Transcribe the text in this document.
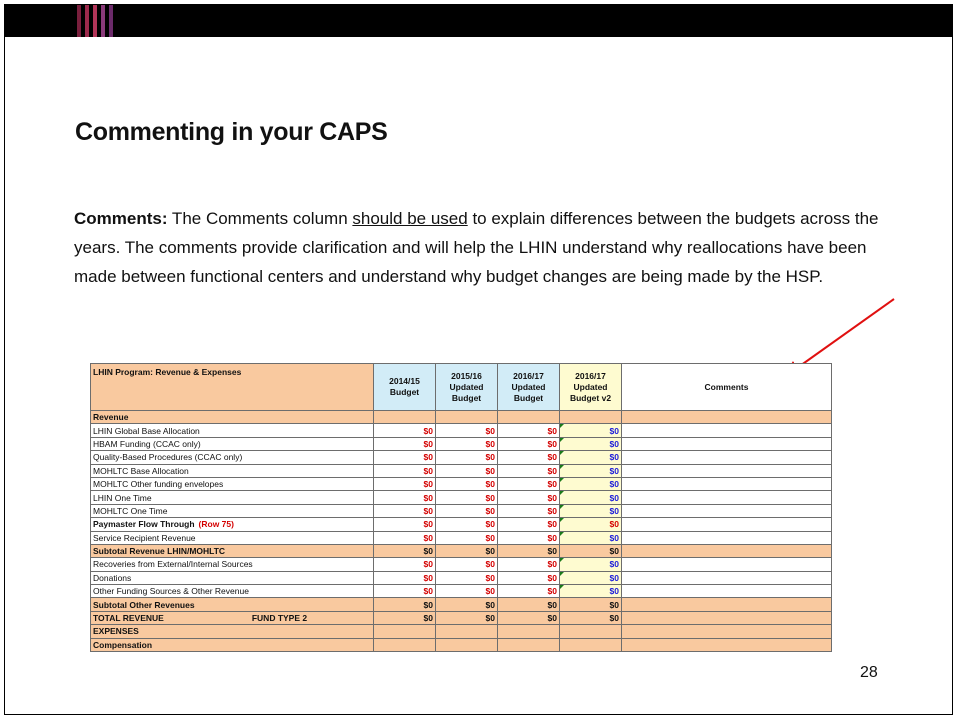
Commenting in your CAPS
Comments: The Comments column should be used to explain differences between the budgets across the years. The comments provide clarification and will help the LHIN understand why reallocations have been made between functional centers and understand why budget changes are being made by the HSP.
LHIN Program: Revenue & Expenses	2014/15 Budget	2015/16 Updated Budget	2016/17 Updated Budget	2016/17 Updated Budget v2	Comments
Revenue					
LHIN Global Base Allocation	$0	$0	$0	$0	
HBAM Funding (CCAC only)	$0	$0	$0	$0	
Quality-Based Procedures (CCAC only)	$0	$0	$0	$0	
MOHLTC Base Allocation	$0	$0	$0	$0	
MOHLTC Other funding envelopes	$0	$0	$0	$0	
LHIN One Time	$0	$0	$0	$0	
MOHLTC One Time	$0	$0	$0	$0	
Paymaster Flow Through (Row 75)	$0	$0	$0	$0	
Service Recipient Revenue	$0	$0	$0	$0	
Subtotal Revenue LHIN/MOHLTC	$0	$0	$0	$0	
Recoveries from External/Internal Sources	$0	$0	$0	$0	
Donations	$0	$0	$0	$0	
Other Funding Sources & Other Revenue	$0	$0	$0	$0	
Subtotal Other Revenues	$0	$0	$0	$0	
TOTAL REVENUE FUND TYPE 2	$0	$0	$0	$0	
EXPENSES					
Compensation					
28
